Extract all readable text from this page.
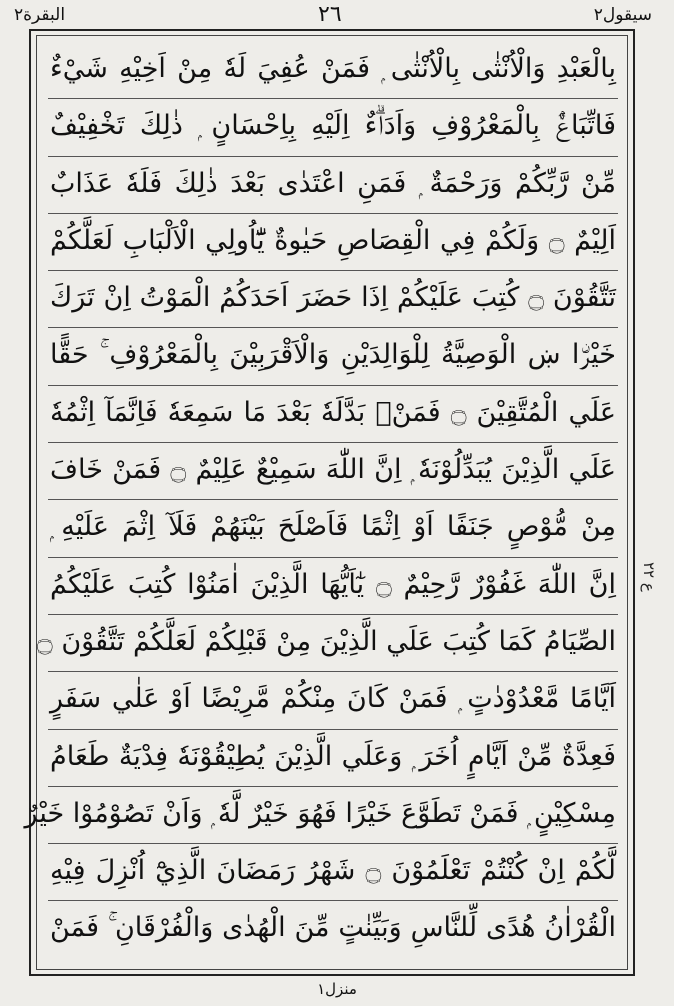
البقرة٢	٢٦	سیقول٢
بِالْعَبْدِ وَالْاُنْثٰى بِالْاُنْثٰى ۭ فَمَنْ عُفِيَ لَهٗ مِنْ اَخِيْهِ شَيْءٌ
فَاتِّبَاعٌۢ بِالْمَعْرُوْفِ وَاَدَاۗءٌ اِلَيْهِ بِاِحْسَانٍ ۭ ذٰلِكَ تَخْفِيْفٌ
مِّنْ رَّبِّكُمْ وَرَحْمَةٌ ۭ فَمَنِ اعْتَدٰى بَعْدَ ذٰلِكَ فَلَهٗ عَذَابٌ
اَلِيْمٌ ۝ وَلَكُمْ فِي الْقِصَاصِ حَيٰوةٌ يّٰٓاُولِي الْاَلْبَابِ لَعَلَّكُمْ
تَتَّقُوْنَ ۝ كُتِبَ عَلَيْكُمْ اِذَا حَضَرَ اَحَدَكُمُ الْمَوْتُ اِنْ تَرَكَ
خَيْرَۨا ښ الْوَصِيَّةُ لِلْوَالِدَيْنِ وَالْاَقْرَبِيْنَ بِالْمَعْرُوْفِ ۚ حَقًّا
عَلَي الْمُتَّقِيْنَ ۝ فَمَنْۢ بَدَّلَهٗ بَعْدَ مَا سَمِعَهٗ فَاِنَّمَآ اِثْمُهٗ
عَلَي الَّذِيْنَ يُبَدِّلُوْنَهٗ ۭ اِنَّ اللّٰهَ سَمِيْعٌ عَلِيْمٌ ۝ فَمَنْ خَافَ
مِنْ مُّوْصٍ جَنَفًا اَوْ اِثْمًا فَاَصْلَحَ بَيْنَهُمْ فَلَآ اِثْمَ عَلَيْهِ ۭ
اِنَّ اللّٰهَ غَفُوْرٌ رَّحِيْمٌ ۝ يٰٓاَيُّهَا الَّذِيْنَ اٰمَنُوْا كُتِبَ عَلَيْكُمُ
الصِّيَامُ كَمَا كُتِبَ عَلَي الَّذِيْنَ مِنْ قَبْلِكُمْ لَعَلَّكُمْ تَتَّقُوْنَ ۝
اَيَّامًا مَّعْدُوْدٰتٍ ۭ فَمَنْ كَانَ مِنْكُمْ مَّرِيْضًا اَوْ عَلٰي سَفَرٍ
فَعِدَّةٌ مِّنْ اَيَّامٍ اُخَرَ ۭ وَعَلَي الَّذِيْنَ يُطِيْقُوْنَهٗ فِدْيَةٌ طَعَامُ
مِسْكِيْنٍ ۭ فَمَنْ تَطَوَّعَ خَيْرًا فَهُوَ خَيْرٌ لَّهٗ ۭ وَاَنْ تَصُوْمُوْا خَيْرٌ
لَّكُمْ اِنْ كُنْتُمْ تَعْلَمُوْنَ ۝ شَهْرُ رَمَضَانَ الَّذِيْٓ اُنْزِلَ فِيْهِ
الْقُرْاٰنُ هُدًى لِّلنَّاسِ وَبَيِّنٰتٍ مِّنَ الْهُدٰى وَالْفُرْقَانِ ۚ فَمَنْ
ع ٢٢
منزل١
